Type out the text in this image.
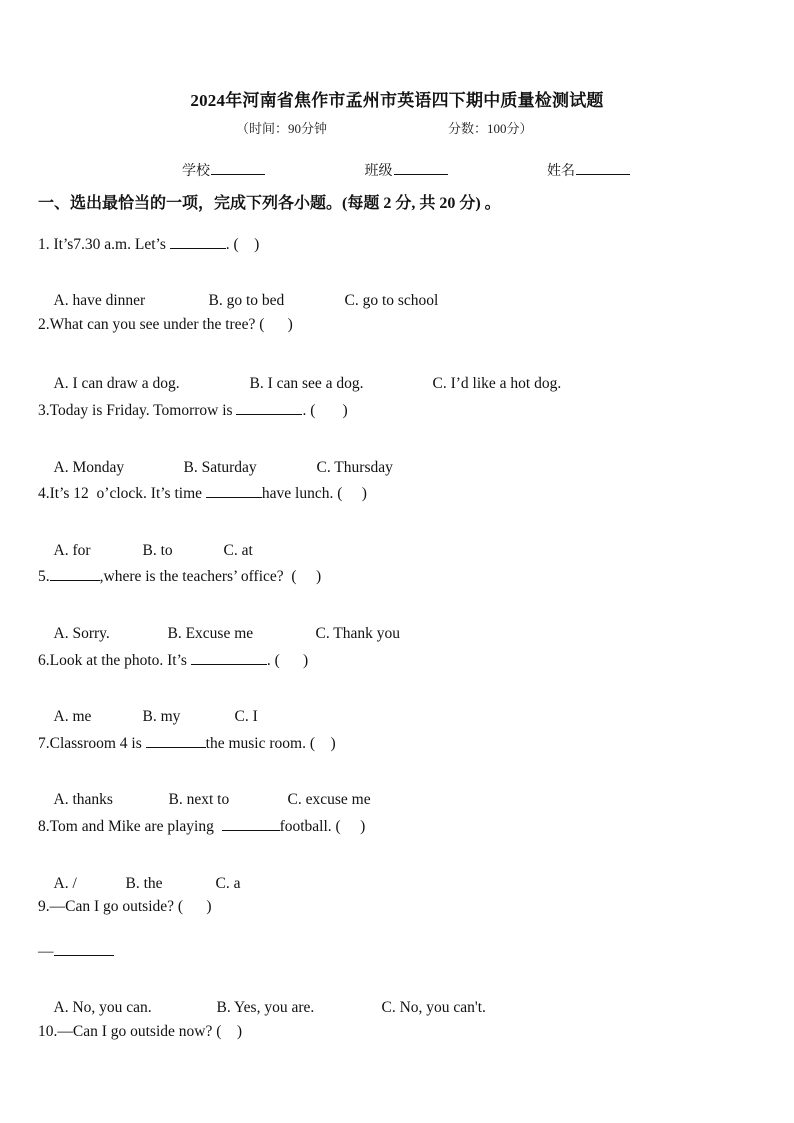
2024年河南省焦作市孟州市英语四下期中质量检测试题
（时间：90分钟	分数：100分）
学校	班级	姓名
一、选出最恰当的一项，完成下列各小题。(每题 2 分, 共 20 分) 。
1. It’s7.30 a.m. Let’s	. (    )

A. have dinner	B. go to bed	C. go to school

2.What can you see under the tree? (      )

A. I can draw a dog.	B. I can see a dog.	C. I’d like a hot dog.

3.Today is Friday. Tomorrow is	. (       )

A. Monday	B. Saturday	C. Thursday

4.It’s 12  o’clock. It’s time	have lunch. (     )

A. for	B. to	C. at

5.	,where is the teachers’ office?  (     )

A. Sorry.	B. Excuse me	C. Thank you

6.Look at the photo. It’s	. (      )

A. me	B. my	C. I

7.Classroom 4 is	the music room. (    )

A. thanks	B. next to	C. excuse me

8.Tom and Mike are playing	football. (     )

A. /	B. the	C. a

9.—Can I go outside? (      )
—

A. No, you can.	B. Yes, you are.	C. No, you can't.

10.—Can I go outside now? (    )
